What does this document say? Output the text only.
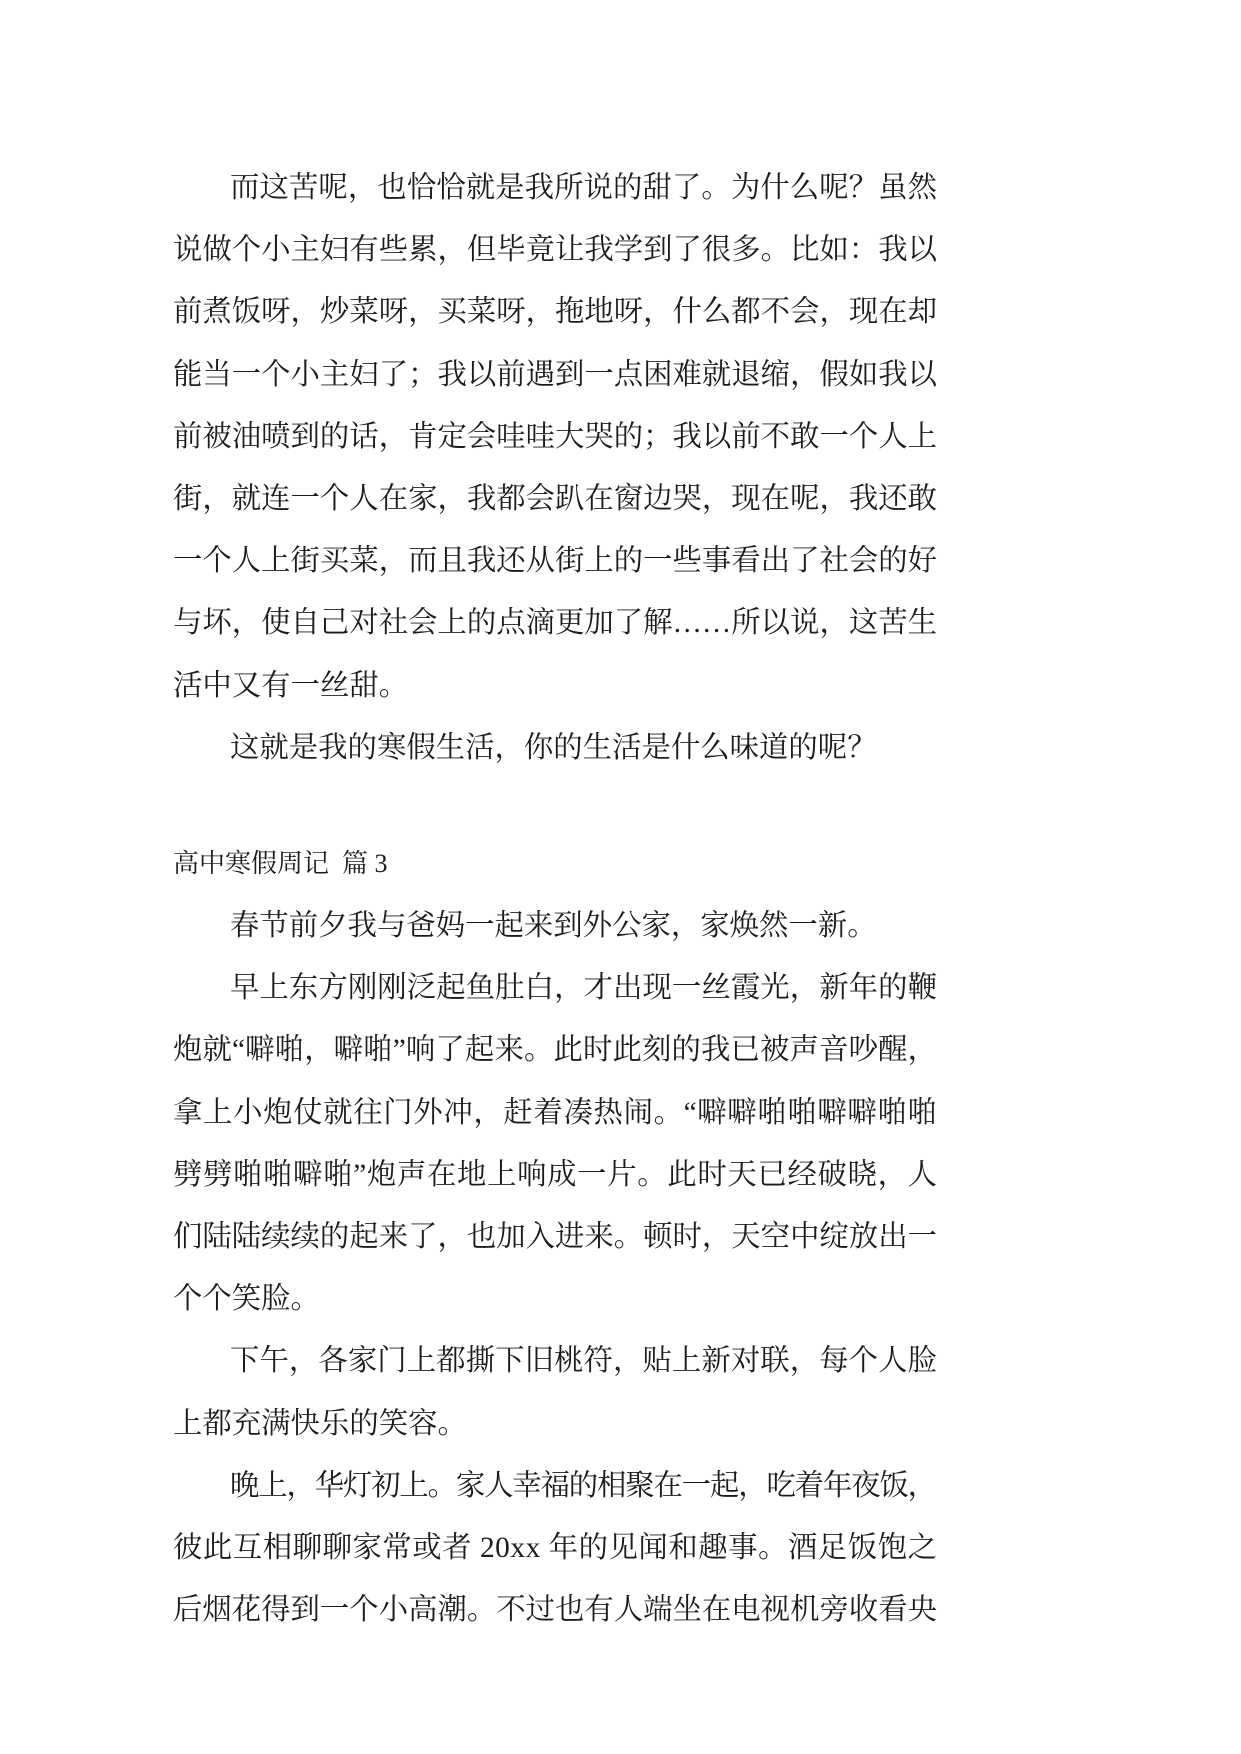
而这苦呢，也恰恰就是我所说的甜了。为什么呢？虽然
说做个小主妇有些累，但毕竟让我学到了很多。比如：我以
前煮饭呀，炒菜呀，买菜呀，拖地呀，什么都不会，现在却
能当一个小主妇了；我以前遇到一点困难就退缩，假如我以
前被油喷到的话，肯定会哇哇大哭的；我以前不敢一个人上
街，就连一个人在家，我都会趴在窗边哭，现在呢，我还敢
一个人上街买菜，而且我还从街上的一些事看出了社会的好
与坏，使自己对社会上的点滴更加了解……所以说，这苦生
活中又有一丝甜。
这就是我的寒假生活，你的生活是什么味道的呢？
高中寒假周记  篇 3
春节前夕我与爸妈一起来到外公家，家焕然一新。
早上东方刚刚泛起鱼肚白，才出现一丝霞光，新年的鞭
炮就“噼啪，噼啪”响了起来。此时此刻的我已被声音吵醒，
拿上小炮仗就往门外冲，赶着凑热闹。“噼噼啪啪噼噼啪啪
劈劈啪啪噼啪”炮声在地上响成一片。此时天已经破晓，人
们陆陆续续的起来了，也加入进来。顿时，天空中绽放出一
个个笑脸。
下午，各家门上都撕下旧桃符，贴上新对联，每个人脸
上都充满快乐的笑容。
晚上，华灯初上。家人幸福的相聚在一起，吃着年夜饭，
彼此互相聊聊家常或者 20xx 年的见闻和趣事。酒足饭饱之
后烟花得到一个小高潮。不过也有人端坐在电视机旁收看央
